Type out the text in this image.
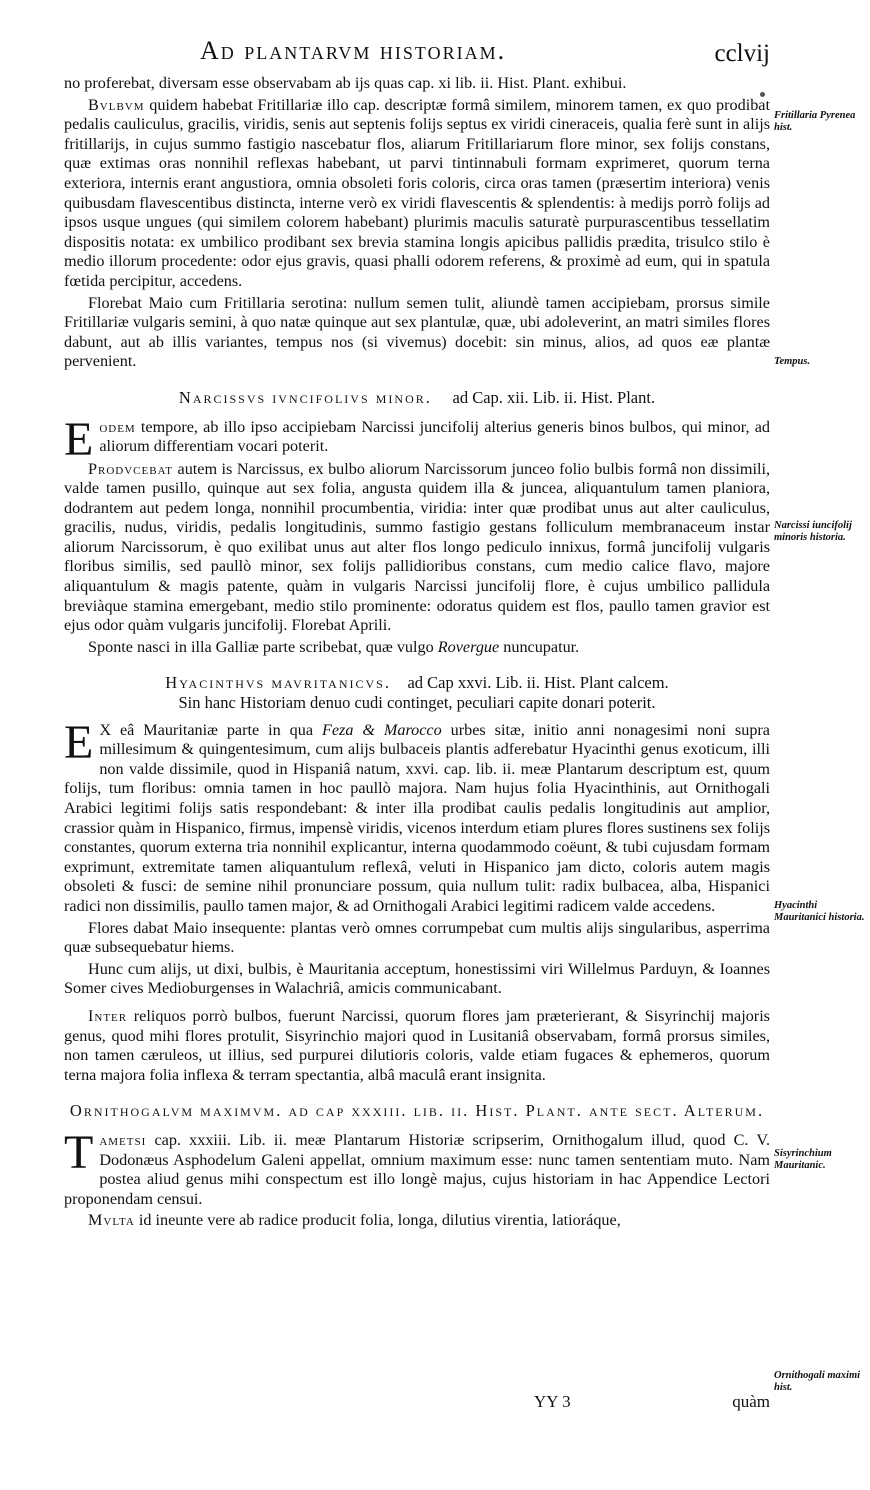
Ad plantarvm historiam.	cclvij

no proferebat, diversam esse observabam ab ijs quas cap. xi lib. ii. Hist. Plant. exhibui.

Bvlbvm quidem habebat Fritillariæ illo cap. descriptæ formâ similem, minorem tamen, ex quo prodibat pedalis cauliculus, gracilis, viridis, senis aut septenis folijs septus ex viridi cineraceis, qualia ferè sunt in alijs fritillarijs, in cujus summo fastigio nascebatur flos, aliarum Fritillariarum flore minor, sex folijs constans, quæ extimas oras nonnihil reflexas habebant, ut parvi tintinnabuli formam exprimeret, quorum terna exteriora, internis erant angustiora, omnia obsoleti foris coloris, circa oras tamen (præsertim interiora) venis quibusdam flavescentibus distincta, interne verò ex viridi flavescentis & splendentis: à medijs porrò folijs ad ipsos usque ungues (qui similem colorem habebant) plurimis maculis saturatè purpurascentibus tessellatim dispositis notata: ex umbilico prodibant sex brevia stamina longis apicibus pallidis prædita, trisulco stilo è medio illorum procedente: odor ejus gravis, quasi phalli odorem referens, & proximè ad eum, qui in spatula fœtida percipitur, accedens.

Florebat Maio cum Fritillaria serotina: nullum semen tulit, aliundè tamen accipiebam, prorsus simile Fritillariæ vulgaris semini, à quo natæ quinque aut sex plantulæ, quæ, ubi adoleverint, an matri similes flores dabunt, aut ab illis variantes, tempus nos (si vivemus) docebit: sin minus, alios, ad quos eæ plantæ pervenient.

Narcissvs ivncifolivs minor. ad Cap. xii. Lib. ii. Hist. Plant.

Eodem tempore, ab illo ipso accipiebam Narcissi juncifolij alterius generis binos bulbos, qui minor, ad aliorum differentiam vocari poterit.

Prodvcebat autem is Narcissus, ex bulbo aliorum Narcissorum junceo folio bulbis formâ non dissimili, valde tamen pusillo, quinque aut sex folia, angusta quidem illa & juncea, aliquantulum tamen planiora, dodrantem aut pedem longa, nonnihil procumbentia, viridia: inter quæ prodibat unus aut alter cauliculus, gracilis, nudus, viridis, pedalis longitudinis, summo fastigio gestans folliculum membranaceum instar aliorum Narcissorum, è quo exilibat unus aut alter flos longo pediculo innixus, formâ juncifolij vulgaris floribus similis, sed paullò minor, sex folijs pallidioribus constans, cum medio calice flavo, majore aliquantulum & magis patente, quàm in vulgaris Narcissi juncifolij flore, è cujus umbilico pallidula breviàque stamina emergebant, medio stilo prominente: odoratus quidem est flos, paullo tamen gravior est ejus odor quàm vulgaris juncifolij. Florebat Aprili.

Sponte nasci in illa Galliæ parte scribebat, quæ vulgo Rovergue nuncupatur.

Hyacinthvs mavritanicvs. ad Cap xxvi. Lib. ii. Hist. Plant calcem.
Sin hanc Historiam denuo cudi continget, peculiari capite donari poterit.

E X eâ Mauritaniæ parte in qua Feza & Marocco urbes sitæ, initio anni nonagesimi noni supra millesimum & quingentesimum, cum alijs bulbaceis plantis adferebatur Hyacinthi genus exoticum, illi non valde dissimile, quod in Hispaniâ natum, xxvi. cap. lib. ii. meæ Plantarum descriptum est, quum folijs, tum floribus: omnia tamen in hoc paullò majora. Nam hujus folia Hyacinthinis, aut Ornithogali Arabici legitimi folijs satis respondebant: & inter illa prodibat caulis pedalis longitudinis aut amplior, crassior quàm in Hispanico, firmus, impensè viridis, vicenos interdum etiam plures flores sustinens sex folijs constantes, quorum externa tria nonnihil explicantur, interna quodammodo coëunt, & tubi cujusdam formam exprimunt, extremitate tamen aliquantulum reflexâ, veluti in Hispanico jam dicto, coloris autem magis obsoleti & fusci: de semine nihil pronunciare possum, quia nullum tulit: radix bulbacea, alba, Hispanici radici non dissimilis, paullo tamen major, & ad Ornithogali Arabici legitimi radicem valde accedens.

Flores dabat Maio insequente: plantas verò omnes corrumpebat cum multis alijs singularibus, asperrima quæ subsequebatur hiems.

Hunc cum alijs, ut dixi, bulbis, è Mauritania acceptum, honestissimi viri Willelmus Parduyn, & Ioannes Somer cives Medioburgenses in Walachriâ, amicis communicabant.

Inter reliquos porrò bulbos, fuerunt Narcissi, quorum flores jam præterierant, & Sisyrinchij majoris genus, quod mihi flores protulit, Sisyrinchio majori quod in Lusitaniâ observabam, formâ prorsus similes, non tamen cæruleos, ut illius, sed purpurei dilutioris coloris, valde etiam fugaces & ephemeros, quorum terna majora folia inflexa & terram spectantia, albâ maculâ erant insignita.

Ornithogalvm maximvm. ad cap xxxiii. lib. ii. Hist. Plant. ante sect. Alterum.

Tametsi cap. xxxiii. Lib. ii. meæ Plantarum Historiæ scripserim, Ornithogalum illud, quod C. V. Dodonæus Asphodelum Galeni appellat, omnium maximum esse: nunc tamen sententiam muto. Nam postea aliud genus mihi conspectum est illo longè majus, cujus historiam in hac Appendice Lectori proponendam censui.

Mvlta id ineunte vere ab radice producit folia, longa, dilutius virentia, latioráque,

Fritillaria Pyrenea hist.
Tempus.
Narcissi iuncifolij minoris historia.
Hyacinthi Mauritanici historia.
Sisyrinchium Mauritanic.
Ornithogali maximi hist.
YY 3	quàm
